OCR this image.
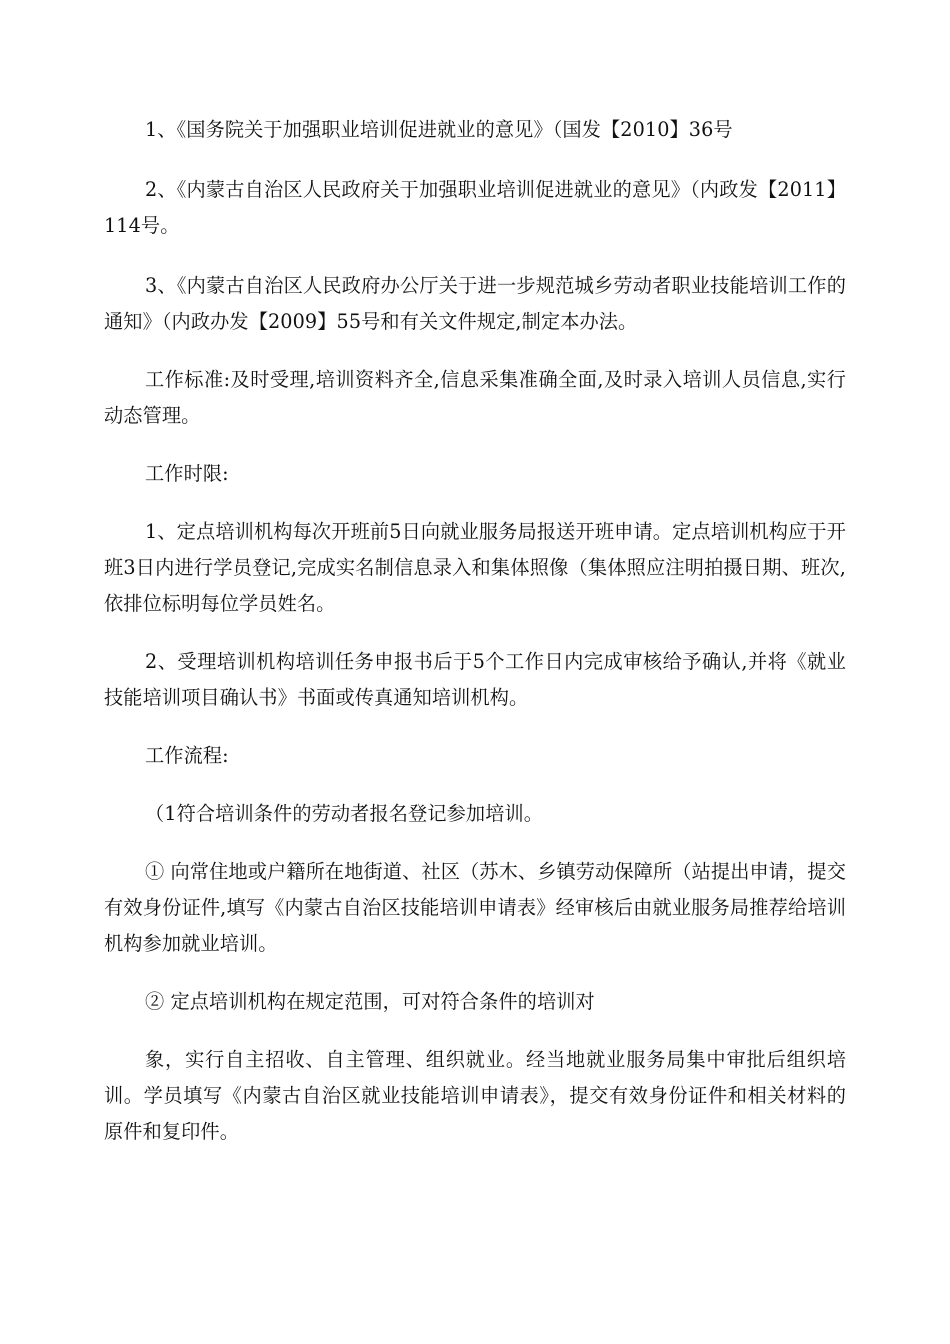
1、《国务院关于加强职业培训促进就业的意见》（国发【2010】36号

2、《内蒙古自治区人民政府关于加强职业培训促进就业的意见》（内政发【2011】114号。

3、《内蒙古自治区人民政府办公厅关于进一步规范城乡劳动者职业技能培训工作的通知》（内政办发【2009】55号和有关文件规定,制定本办法。

工作标准:及时受理,培训资料齐全,信息采集准确全面,及时录入培训人员信息,实行动态管理。

工作时限:

1、定点培训机构每次开班前5日向就业服务局报送开班申请。定点培训机构应于开班3日内进行学员登记,完成实名制信息录入和集体照像（集体照应注明拍摄日期、班次,依排位标明每位学员姓名。

2、受理培训机构培训任务申报书后于5个工作日内完成审核给予确认,并将《就业技能培训项目确认书》书面或传真通知培训机构。

工作流程:

（1符合培训条件的劳动者报名登记参加培训。

① 向常住地或户籍所在地街道、社区（苏木、乡镇劳动保障所（站提出申请，提交有效身份证件,填写《内蒙古自治区技能培训申请表》经审核后由就业服务局推荐给培训机构参加就业培训。

② 定点培训机构在规定范围，可对符合条件的培训对

象，实行自主招收、自主管理、组织就业。经当地就业服务局集中审批后组织培训。学员填写《内蒙古自治区就业技能培训申请表》，提交有效身份证件和相关材料的原件和复印件。
